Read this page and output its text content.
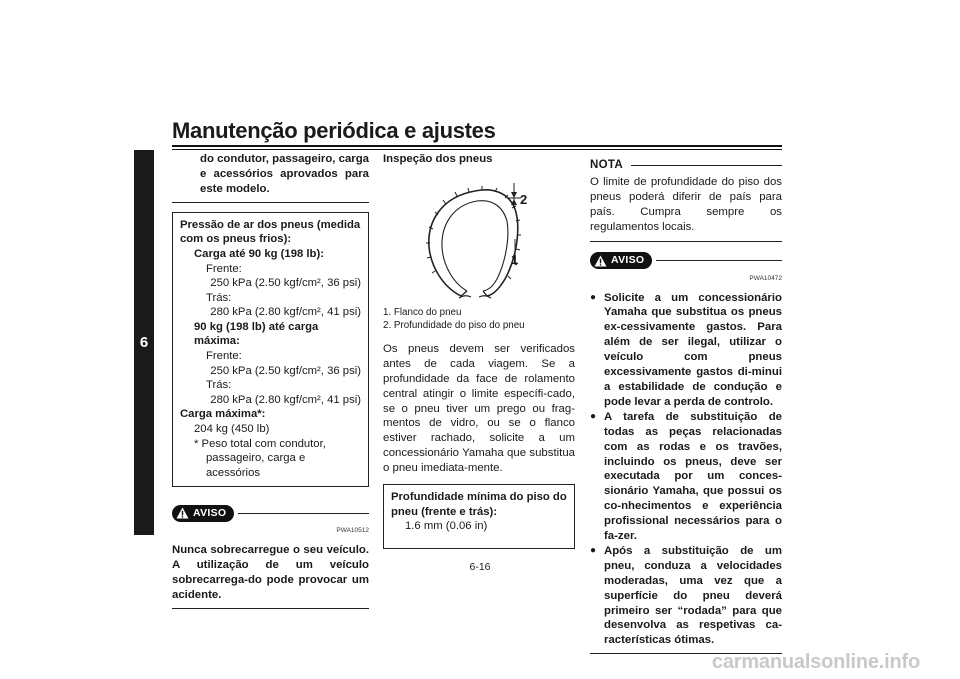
Manutenção periódica e ajustes
6
do condutor, passageiro, carga e acessórios aprovados para este modelo.
Pressão de ar dos pneus (medida com os pneus frios):
Carga até 90 kg (198 lb):
Frente:
250 kPa (2.50 kgf/cm², 36 psi)
Trás:
280 kPa (2.80 kgf/cm², 41 psi)
90 kg (198 lb) até carga máxima:
Frente:
250 kPa (2.50 kgf/cm², 36 psi)
Trás:
280 kPa (2.80 kgf/cm², 41 psi)
Carga máxima*:
204 kg (450 lb)
* Peso total com condutor,
passageiro, carga e acessórios
AVISO
PWA10512
Nunca sobrecarregue o seu veículo. A utilização de um veículo sobrecarrega-do pode provocar um acidente.
Inspeção dos pneus
2
1
1. Flanco do pneu
2. Profundidade do piso do pneu
Os pneus devem ser verificados antes de cada viagem. Se a profundidade da face de rolamento central atingir o limite específi-cado, se o pneu tiver um prego ou frag-mentos de vidro, ou se o flanco estiver rachado, solicite a um concessionário Yamaha que substitua o pneu imediata-mente.
Profundidade mínima do piso do pneu (frente e trás):
1.6 mm (0.06 in)
NOTA
O limite de profundidade do piso dos pneus poderá diferir de país para país. Cumpra sempre os regulamentos locais.
AVISO
PWA10472
● Solicite a um concessionário Yamaha que substitua os pneus ex-cessivamente gastos. Para além de ser ilegal, utilizar o veículo com pneus excessivamente gastos di-minui a estabilidade de condução e pode levar a perda de controlo.
● A tarefa de substituição de todas as peças relacionadas com as rodas e os travões, incluindo os pneus, deve ser executada por um conces-sionário Yamaha, que possui os co-nhecimentos e experiência profissional necessários para o fa-zer.
● Após a substituição de um pneu, conduza a velocidades moderadas, uma vez que a superfície do pneu deverá primeiro ser “rodada” para que desenvolva as respetivas ca-racterísticas ótimas.
6-16
carmanualsonline.info
